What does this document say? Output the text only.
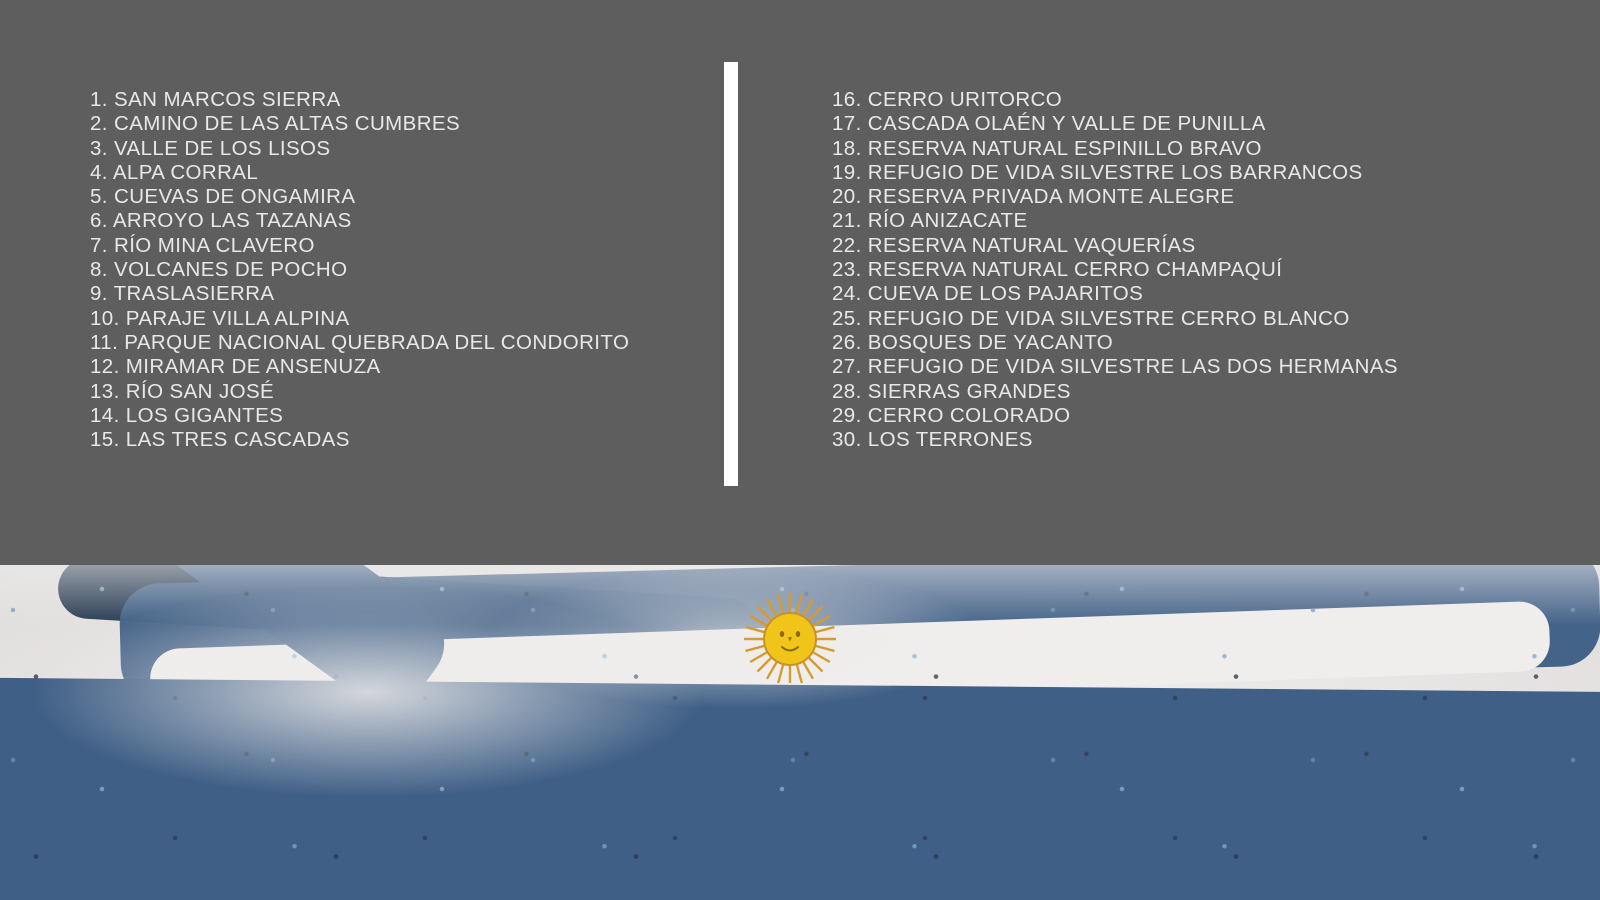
1. SAN MARCOS SIERRA
2. CAMINO DE LAS ALTAS CUMBRES
3. VALLE DE LOS LISOS
4. ALPA CORRAL
5. CUEVAS DE ONGAMIRA
6. ARROYO LAS TAZANAS
7. RÍO MINA CLAVERO
8. VOLCANES DE POCHO
9. TRASLASIERRA
10. PARAJE VILLA ALPINA
11. PARQUE NACIONAL QUEBRADA DEL CONDORITO
12. MIRAMAR DE ANSENUZA
13. RÍO SAN JOSÉ
14. LOS GIGANTES
15. LAS TRES CASCADAS
16. CERRO URITORCO
17. CASCADA OLAÉN Y VALLE DE PUNILLA
18. RESERVA NATURAL ESPINILLO BRAVO
19. REFUGIO DE VIDA SILVESTRE LOS BARRANCOS
20. RESERVA PRIVADA MONTE ALEGRE
21. RÍO ANIZACATE
22. RESERVA NATURAL VAQUERÍAS
23. RESERVA NATURAL CERRO CHAMPAQUÍ
24. CUEVA DE LOS PAJARITOS
25. REFUGIO DE VIDA SILVESTRE CERRO BLANCO
26. BOSQUES DE YACANTO
27. REFUGIO DE VIDA SILVESTRE LAS DOS HERMANAS
28. SIERRAS GRANDES
29. CERRO COLORADO
30. LOS TERRONES
